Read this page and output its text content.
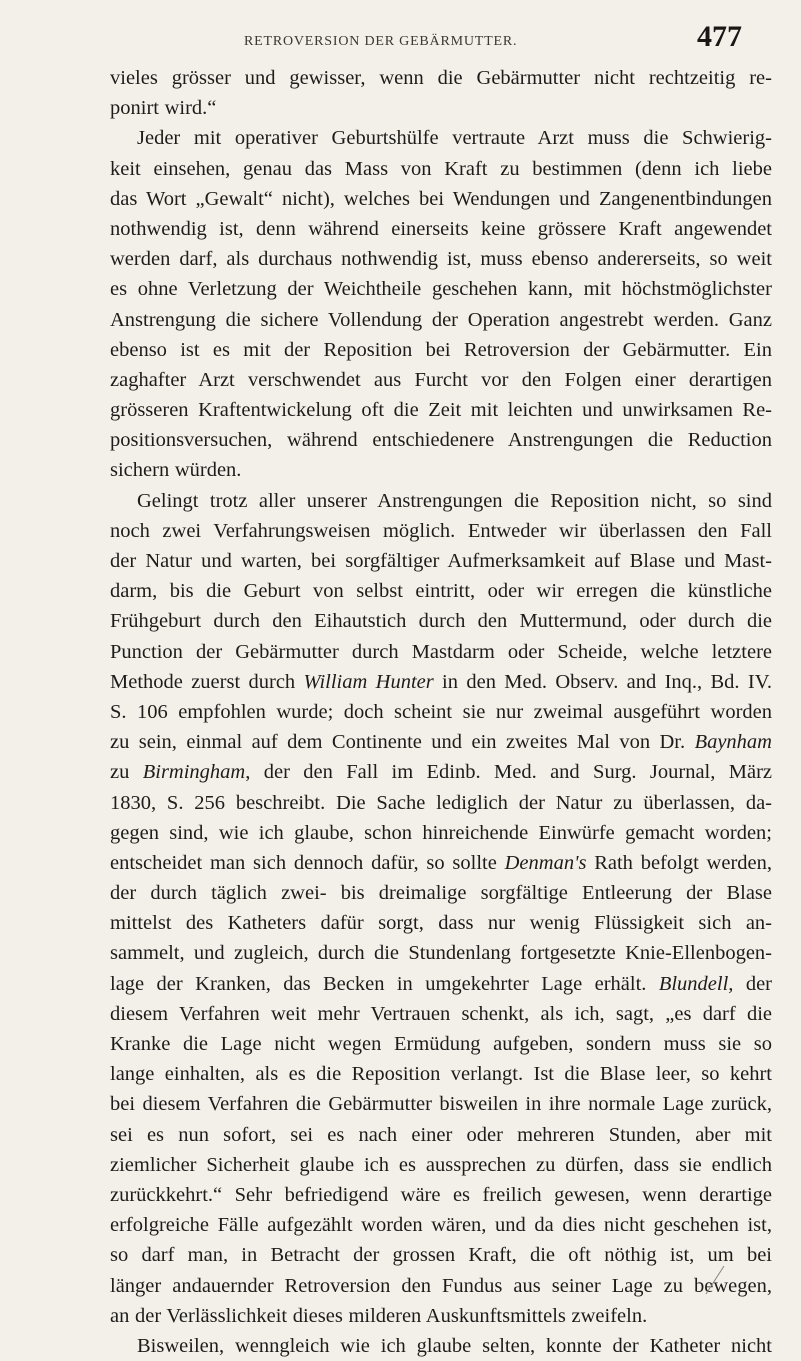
RETROVERSION DER GEBÄRMUTTER.	477
vieles grösser und gewisser, wenn die Gebärmutter nicht rechtzeitig re-
ponirt wird.“
Jeder mit operativer Geburtshülfe vertraute Arzt muss die Schwierig-
keit einsehen, genau das Mass von Kraft zu bestimmen (denn ich liebe
das Wort „Gewalt“ nicht), welches bei Wendungen und Zangenentbindungen
nothwendig ist, denn während einerseits keine grössere Kraft angewendet
werden darf, als durchaus nothwendig ist, muss ebenso andererseits, so weit
es ohne Verletzung der Weichtheile geschehen kann, mit höchstmöglichster
Anstrengung die sichere Vollendung der Operation angestrebt werden. Ganz
ebenso ist es mit der Reposition bei Retroversion der Gebärmutter. Ein
zaghafter Arzt verschwendet aus Furcht vor den Folgen einer derartigen
grösseren Kraftentwickelung oft die Zeit mit leichten und unwirksamen Re-
positionsversuchen, während entschiedenere Anstrengungen die Reduction
sichern würden.
Gelingt trotz aller unserer Anstrengungen die Reposition nicht, so sind
noch zwei Verfahrungsweisen möglich. Entweder wir überlassen den Fall
der Natur und warten, bei sorgfältiger Aufmerksamkeit auf Blase und Mast-
darm, bis die Geburt von selbst eintritt, oder wir erregen die künstliche
Frühgeburt durch den Eihautstich durch den Muttermund, oder durch die
Punction der Gebärmutter durch Mastdarm oder Scheide, welche letztere
Methode zuerst durch William Hunter in den Med. Observ. and Inq., Bd. IV.
S. 106 empfohlen wurde; doch scheint sie nur zweimal ausgeführt worden
zu sein, einmal auf dem Continente und ein zweites Mal von Dr. Baynham
zu Birmingham, der den Fall im Edinb. Med. and Surg. Journal, März
1830, S. 256 beschreibt. Die Sache lediglich der Natur zu überlassen, da-
gegen sind, wie ich glaube, schon hinreichende Einwürfe gemacht worden;
entscheidet man sich dennoch dafür, so sollte Denman's Rath befolgt werden,
der durch täglich zwei- bis dreimalige sorgfältige Entleerung der Blase
mittelst des Katheters dafür sorgt, dass nur wenig Flüssigkeit sich an-
sammelt, und zugleich, durch die Stundenlang fortgesetzte Knie-Ellenbogen-
lage der Kranken, das Becken in umgekehrter Lage erhält. Blundell, der
diesem Verfahren weit mehr Vertrauen schenkt, als ich, sagt, „es darf die
Kranke die Lage nicht wegen Ermüdung aufgeben, sondern muss sie so
lange einhalten, als es die Reposition verlangt. Ist die Blase leer, so kehrt
bei diesem Verfahren die Gebärmutter bisweilen in ihre normale Lage zurück,
sei es nun sofort, sei es nach einer oder mehreren Stunden, aber mit
ziemlicher Sicherheit glaube ich es aussprechen zu dürfen, dass sie endlich
zurückkehrt.“ Sehr befriedigend wäre es freilich gewesen, wenn derartige
erfolgreiche Fälle aufgezählt worden wären, und da dies nicht geschehen ist,
so darf man, in Betracht der grossen Kraft, die oft nöthig ist, um bei
länger andauernder Retroversion den Fundus aus seiner Lage zu bewegen,
an der Verlässlichkeit dieses milderen Auskunftsmittels zweifeln.
Bisweilen, wenngleich wie ich glaube selten, konnte der Katheter nicht
